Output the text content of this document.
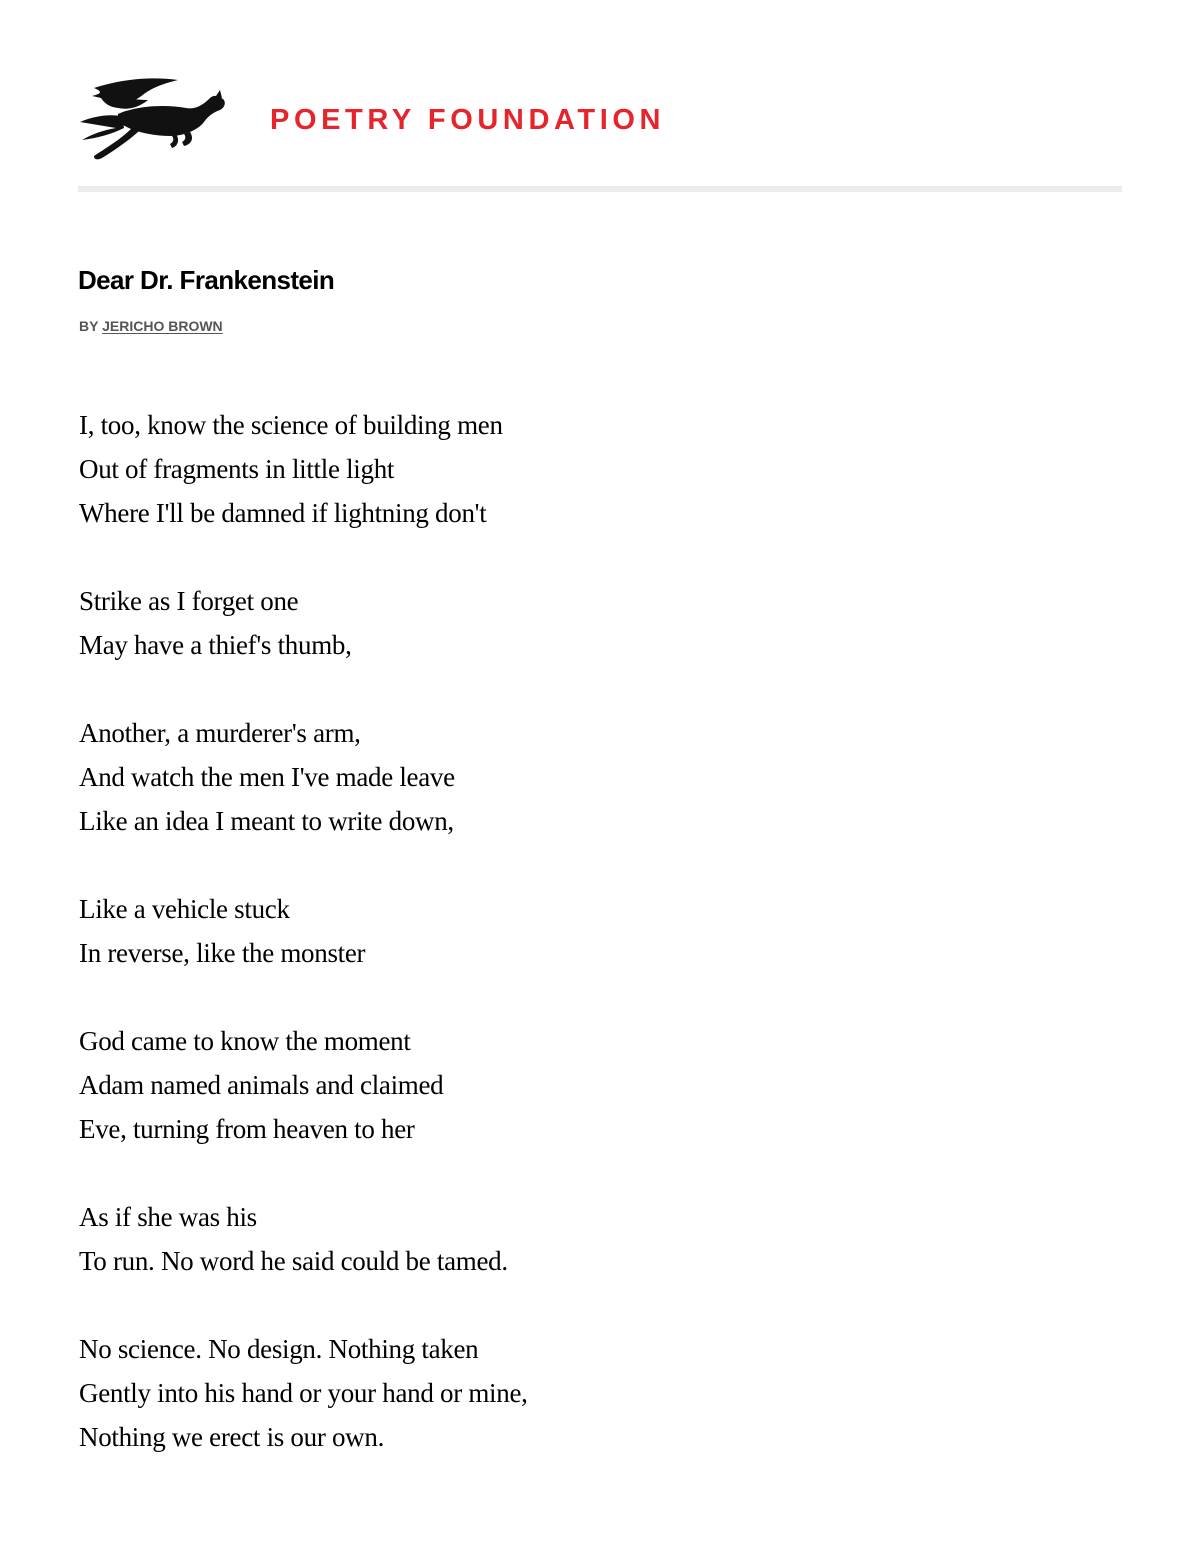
POETRY FOUNDATION
Dear Dr. Frankenstein
BY JERICHO BROWN
I, too, know the science of building men
Out of fragments in little light
Where I'll be damned if lightning don't
Strike as I forget one
May have a thief's thumb,
Another, a murderer's arm,
And watch the men I've made leave
Like an idea I meant to write down,
Like a vehicle stuck
In reverse, like the monster
God came to know the moment
Adam named animals and claimed
Eve, turning from heaven to her
As if she was his
To run. No word he said could be tamed.
No science. No design. Nothing taken
Gently into his hand or your hand or mine,
Nothing we erect is our own.
